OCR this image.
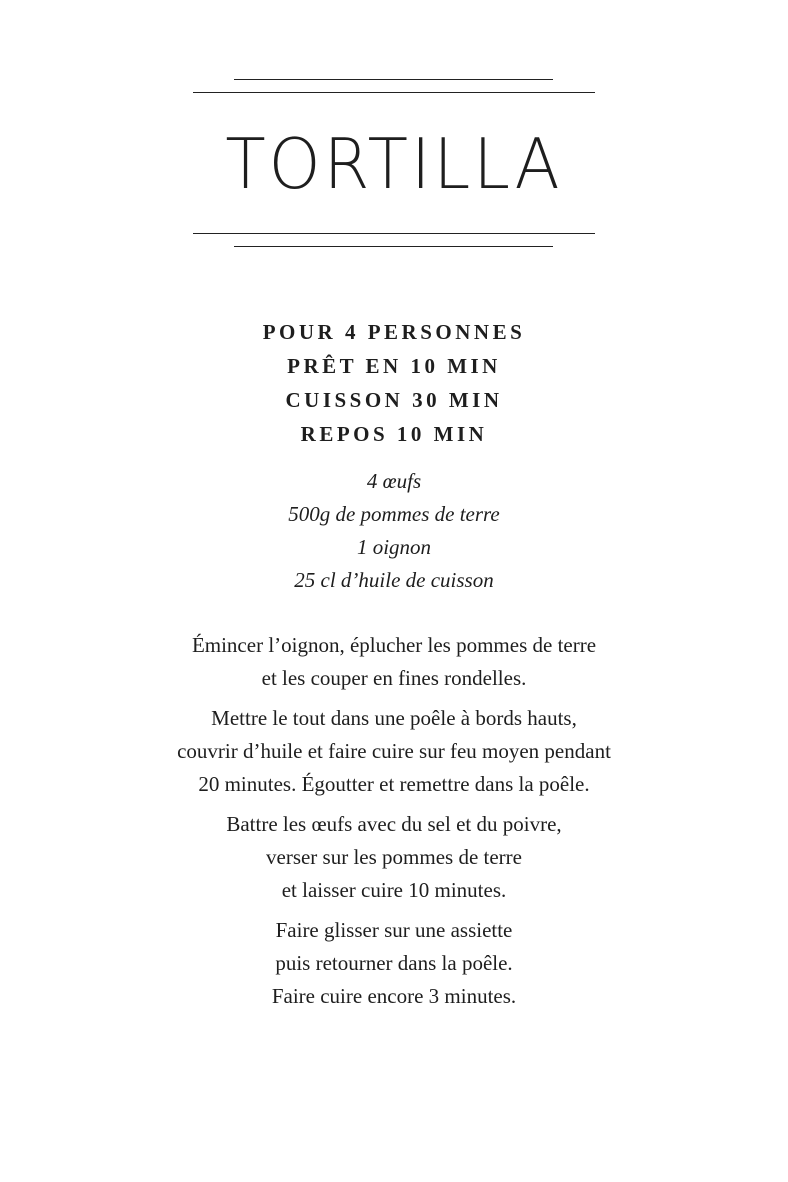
TORTILLA
POUR 4 PERSONNES
PRÊT EN 10 MIN
CUISSON 30 MIN
REPOS 10 MIN
4 œufs
500g de pommes de terre
1 oignon
25 cl d’huile de cuisson

Émincer l’oignon, éplucher les pommes de terre
et les couper en fines rondelles.

Mettre le tout dans une poêle à bords hauts,
couvrir d’huile et faire cuire sur feu moyen pendant
20 minutes. Égoutter et remettre dans la poêle.

Battre les œufs avec du sel et du poivre,
verser sur les pommes de terre
et laisser cuire 10 minutes.

Faire glisser sur une assiette
puis retourner dans la poêle.
Faire cuire encore 3 minutes.
